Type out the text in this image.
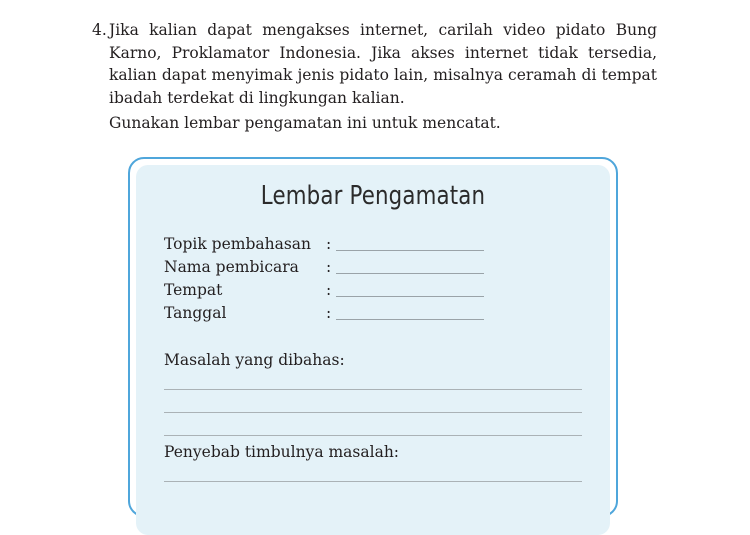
4. Jika kalian dapat mengakses internet, carilah video pidato Bung Karno, Proklamator Indonesia. Jika akses internet tidak tersedia, kalian dapat menyimak jenis pidato lain, misalnya ceramah di tempat ibadah terdekat di lingkungan kalian.
Gunakan lembar pengamatan ini untuk mencatat.
Lembar Pengamatan
Topik pembahasan :
Nama pembicara :
Tempat	:
Tanggal	:
Masalah yang dibahas:
Penyebab timbulnya masalah:
